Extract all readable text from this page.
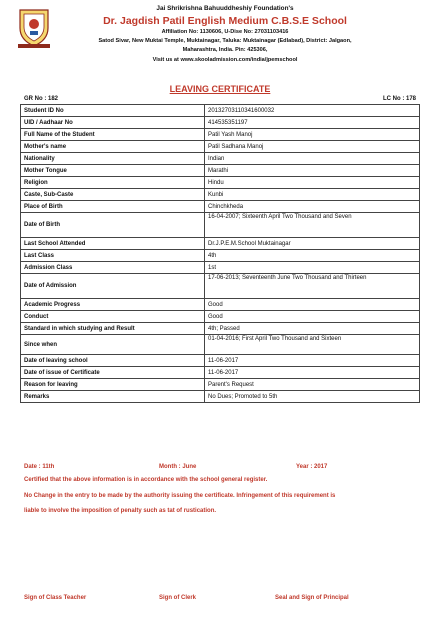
Jai Shrikrishna Bahuuddheshiy Foundation's
Dr. Jagdish Patil English Medium C.B.S.E School
Affiliation No: 1130606, U-Dise No: 27031103416
Satod Sivar, New Muktai Temple, Muktainagar, Taluka: Muktainagar (Edlabad), District: Jalgaon,
Maharashtra, India. Pin: 425306,
Visit us at www.skooladmission.com/india/jpemschool
LEAVING CERTIFICATE
GR No : 182	LC No : 178
Student ID No	20132703110341600032
UID / Aadhaar No	414535351197
Full Name of the Student	Patil Yash Manoj
Mother's name	Patil Sadhana Manoj
Nationality	Indian
Mother Tongue	Marathi
Religion	Hindu
Caste, Sub-Caste	Kunbi
Place of Birth	Chinchkheda
Date of Birth	16-04-2007; Sixteenth April Two Thousand and Seven
Last School Attended	Dr.J.P.E.M.School Muktainagar
Last Class	4th
Admission Class	1st
Date of Admission	17-06-2013; Seventeenth June Two Thousand and Thirteen
Academic Progress	Good
Conduct	Good
Standard in which studying and Result	4th; Passed
Since when	01-04-2016; First April Two Thousand and Sixteen
Date of leaving school	11-06-2017
Date of issue of Certificate	11-06-2017
Reason for leaving	Parent's Request
Remarks	No Dues; Promoted to 5th
Date : 11th	Month : June	Year : 2017
Certified that the above information is in accordance with the school general register.
No Change in the entry to be made by the authority issuing the certificate. Infringement of this requirement is
liable to involve the imposition of penalty such as tat of rustication.
Sign of Class Teacher	Sign of Clerk	Seal and Sign of Principal
